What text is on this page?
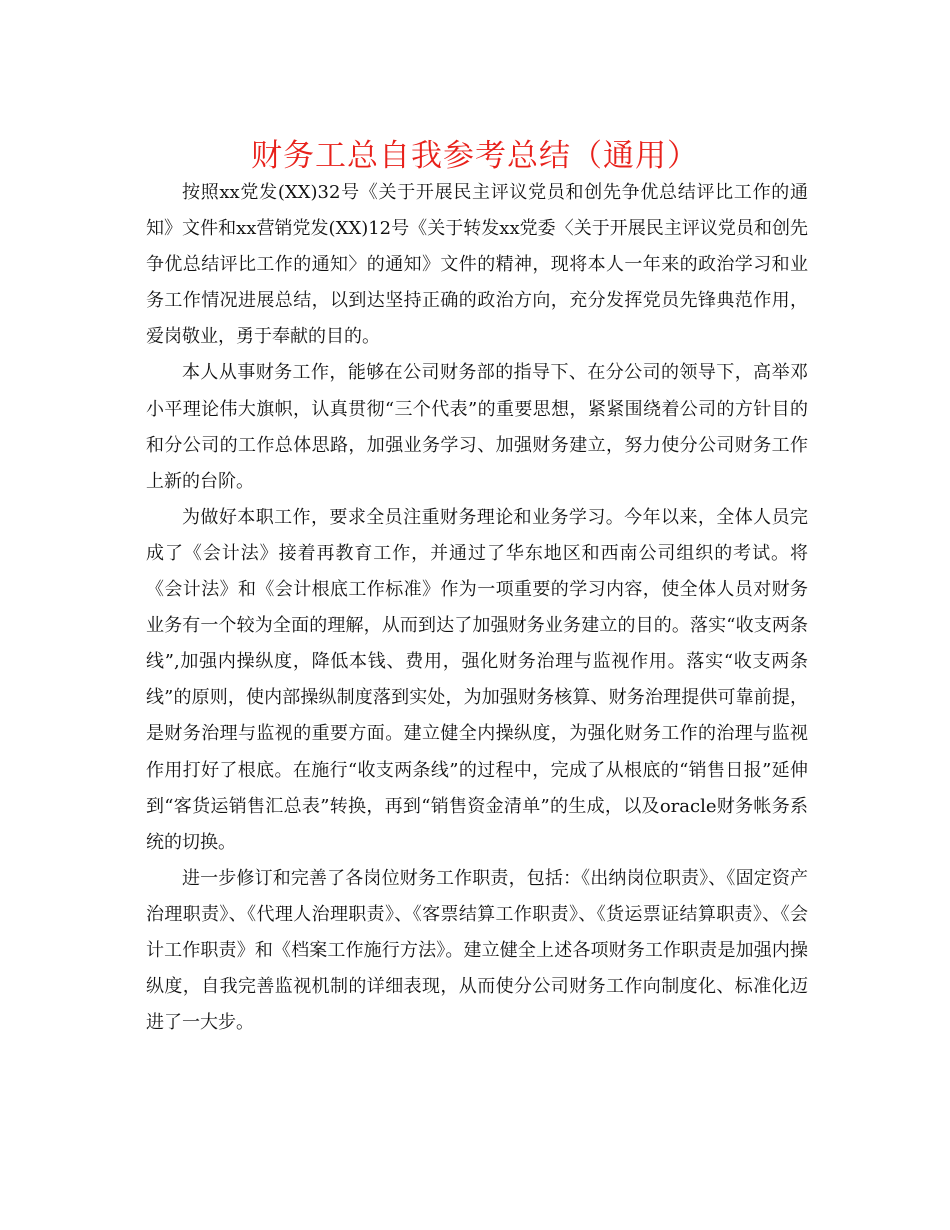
财务工总自我参考总结（通用）

按照xx党发(XX)32号《关于开展民主评议党员和创先争优总结评比工作的通知》文件和xx营销党发(XX)12号《关于转发xx党委〈关于开展民主评议党员和创先争优总结评比工作的通知〉的通知》文件的精神，现将本人一年来的政治学习和业务工作情况进展总结，以到达坚持正确的政治方向，充分发挥党员先锋典范作用，爱岗敬业，勇于奉献的目的。

本人从事财务工作，能够在公司财务部的指导下、在分公司的领导下，高举邓小平理论伟大旗帜，认真贯彻“三个代表”的重要思想，紧紧围绕着公司的方针目的和分公司的工作总体思路，加强业务学习、加强财务建立，努力使分公司财务工作上新的台阶。

为做好本职工作，要求全员注重财务理论和业务学习。今年以来，全体人员完成了《会计法》接着再教育工作，并通过了华东地区和西南公司组织的考试。将《会计法》和《会计根底工作标准》作为一项重要的学习内容，使全体人员对财务业务有一个较为全面的理解，从而到达了加强财务业务建立的目的。落实“收支两条线”,加强内操纵度，降低本钱、费用，强化财务治理与监视作用。落实“收支两条线”的原则，使内部操纵制度落到实处，为加强财务核算、财务治理提供可靠前提，是财务治理与监视的重要方面。建立健全内操纵度，为强化财务工作的治理与监视作用打好了根底。在施行“收支两条线”的过程中，完成了从根底的“销售日报”延伸到“客货运销售汇总表”转换，再到“销售资金清单”的生成，以及oracle财务帐务系统的切换。

进一步修订和完善了各岗位财务工作职责，包括：《出纳岗位职责》、《固定资产治理职责》、《代理人治理职责》、《客票结算工作职责》、《货运票证结算职责》、《会计工作职责》和《档案工作施行方法》。建立健全上述各项财务工作职责是加强内操纵度，自我完善监视机制的详细表现，从而使分公司财务工作向制度化、标准化迈进了一大步。
